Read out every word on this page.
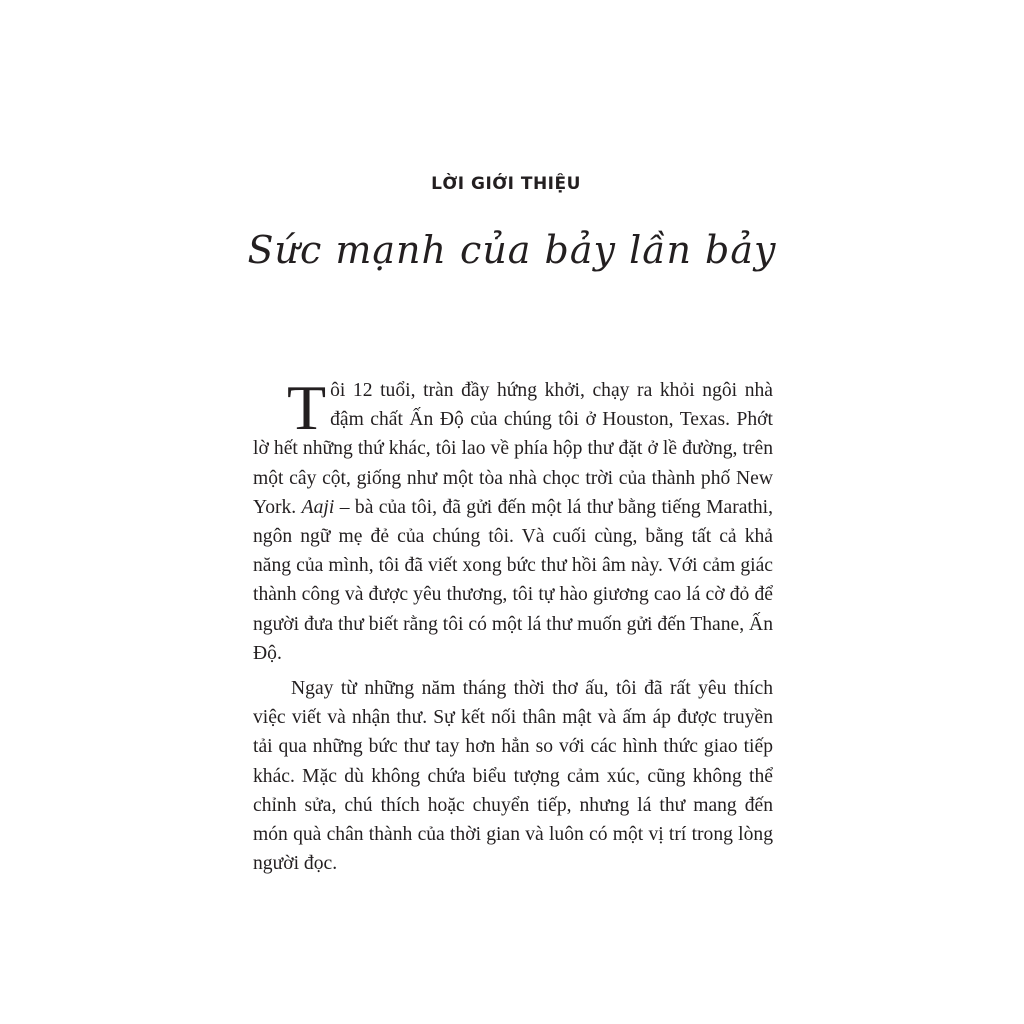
LỜI GIỚI THIỆU
Sức mạnh của bảy lần bảy

Tôi 12 tuổi, tràn đầy hứng khởi, chạy ra khỏi ngôi nhà đậm chất Ấn Độ của chúng tôi ở Houston, Texas. Phớt lờ hết những thứ khác, tôi lao về phía hộp thư đặt ở lề đường, trên một cây cột, giống như một tòa nhà chọc trời của thành phố New York. Aaji – bà của tôi, đã gửi đến một lá thư bằng tiếng Marathi, ngôn ngữ mẹ đẻ của chúng tôi. Và cuối cùng, bằng tất cả khả năng của mình, tôi đã viết xong bức thư hồi âm này. Với cảm giác thành công và được yêu thương, tôi tự hào giương cao lá cờ đỏ để người đưa thư biết rằng tôi có một lá thư muốn gửi đến Thane, Ấn Độ.

Ngay từ những năm tháng thời thơ ấu, tôi đã rất yêu thích việc viết và nhận thư. Sự kết nối thân mật và ấm áp được truyền tải qua những bức thư tay hơn hẳn so với các hình thức giao tiếp khác. Mặc dù không chứa biểu tượng cảm xúc, cũng không thể chỉnh sửa, chú thích hoặc chuyển tiếp, nhưng lá thư mang đến món quà chân thành của thời gian và luôn có một vị trí trong lòng người đọc.
